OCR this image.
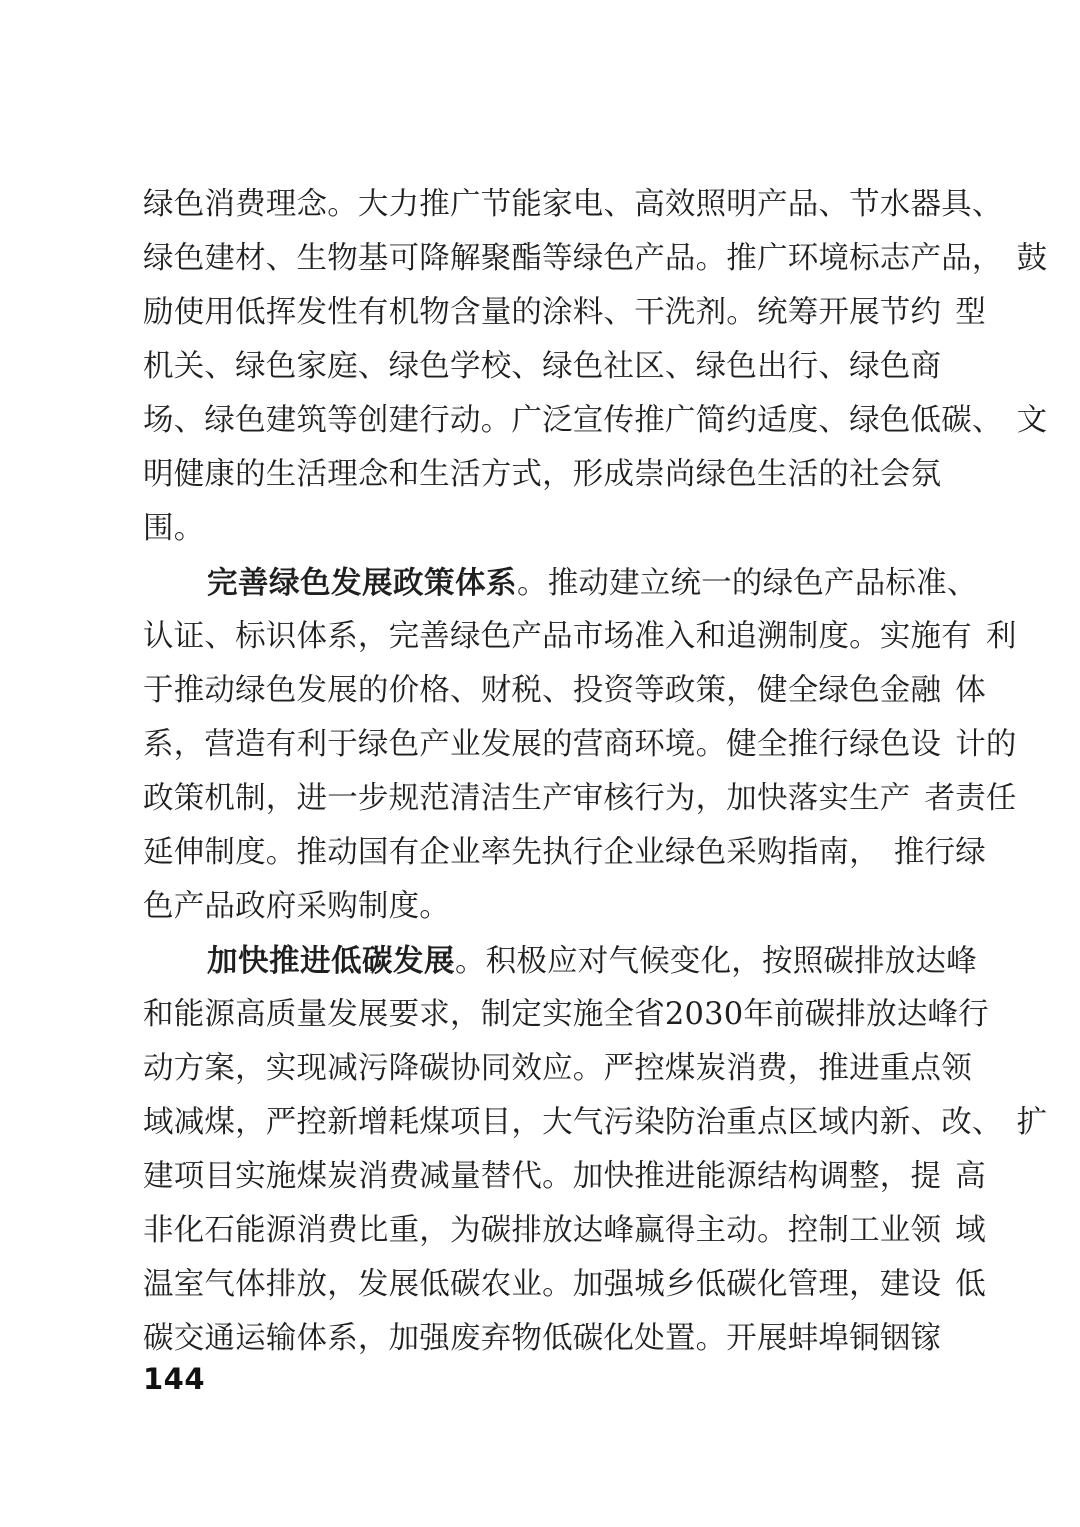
绿色消费理念。大力推广节能家电、高效照明产品、节水器具、
绿色建材、生物基可降解聚酯等绿色产品。推广环境标志产品， 鼓
励使用低挥发性有机物含量的涂料、干洗剂。统筹开展节约 型
机关、绿色家庭、绿色学校、绿色社区、绿色出行、绿色商
场、绿色建筑等创建行动。广泛宣传推广简约适度、绿色低碳、 文
明健康的生活理念和生活方式，形成崇尚绿色生活的社会氛
围。
完善绿色发展政策体系。推动建立统一的绿色产品标准、
认证、标识体系，完善绿色产品市场准入和追溯制度。实施有 利
于推动绿色发展的价格、财税、投资等政策，健全绿色金融 体
系，营造有利于绿色产业发展的营商环境。健全推行绿色设 计的
政策机制，进一步规范清洁生产审核行为，加快落实生产 者责任
延伸制度。推动国有企业率先执行企业绿色采购指南， 推行绿
色产品政府采购制度。
加快推进低碳发展。积极应对气候变化，按照碳排放达峰
和能源高质量发展要求，制定实施全省2030年前碳排放达峰行
动方案，实现减污降碳协同效应。严控煤炭消费，推进重点领
域减煤，严控新增耗煤项目，大气污染防治重点区域内新、改、 扩
建项目实施煤炭消费减量替代。加快推进能源结构调整，提 高
非化石能源消费比重，为碳排放达峰赢得主动。控制工业领 域
温室气体排放，发展低碳农业。加强城乡低碳化管理，建设 低
碳交通运输体系，加强废弃物低碳化处置。开展蚌埠铜铟镓
144
